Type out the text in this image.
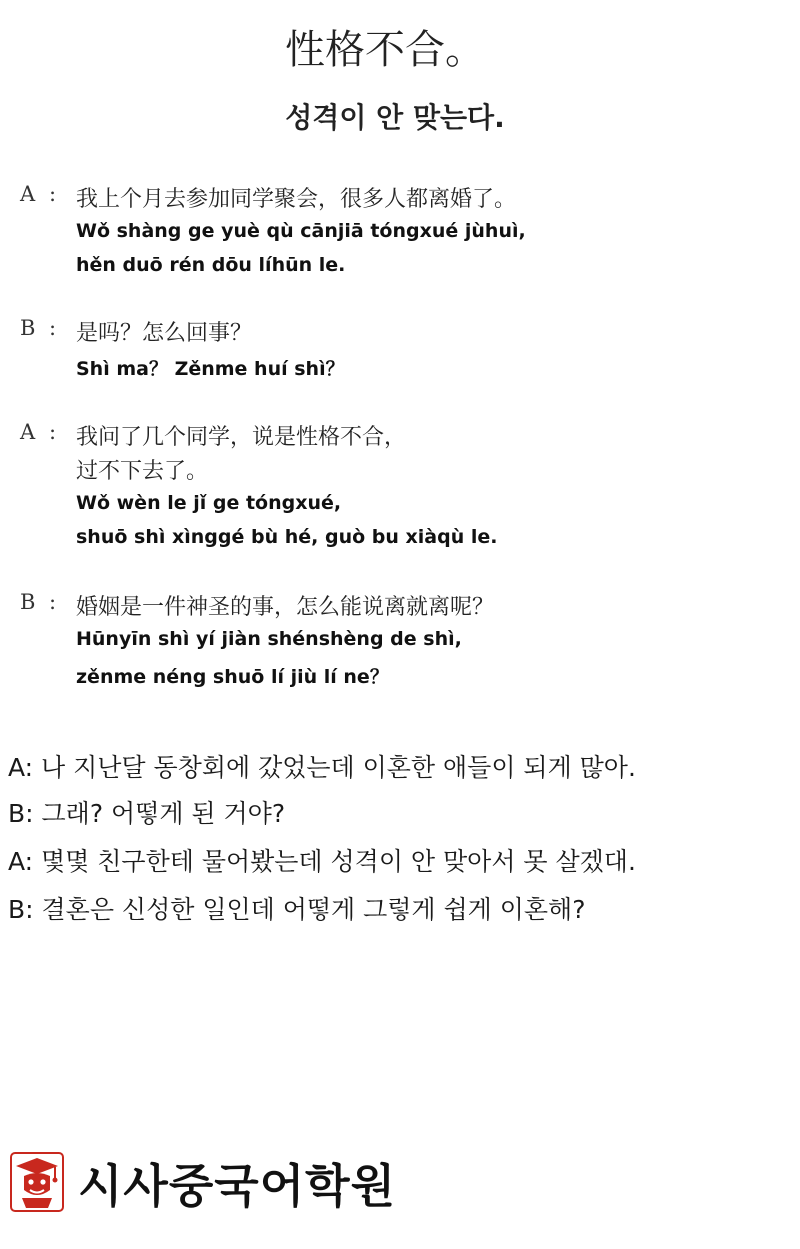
性格不合。
성격이 안 맞는다.
A : 我上个月去参加同学聚会，很多人都离婚了。
Wǒ shàng ge yuè qù cānjiā tóngxué jùhuì,
hěn duō rén dōu líhūn le.
B : 是吗？怎么回事？
Shì ma？ Zěnme huí shì？
A : 我问了几个同学，说是性格不合，
过不下去了。
Wǒ wèn le jǐ ge tóngxué,
shuō shì xìnggé bù hé, guò bu xiàqù le.
B : 婚姻是一件神圣的事，怎么能说离就离呢？
Hūnyīn shì yí jiàn shénshèng de shì,
zěnme néng shuō lí jiù lí ne？
A: 나 지난달 동창회에 갔었는데 이혼한 애들이 되게 많아.
B: 그래? 어떻게 된 거야?
A: 몇몇 친구한테 물어봤는데 성격이 안 맞아서 못 살겠대.
B: 결혼은 신성한 일인데 어떻게 그렇게 쉽게 이혼해?
시사중국어학원
